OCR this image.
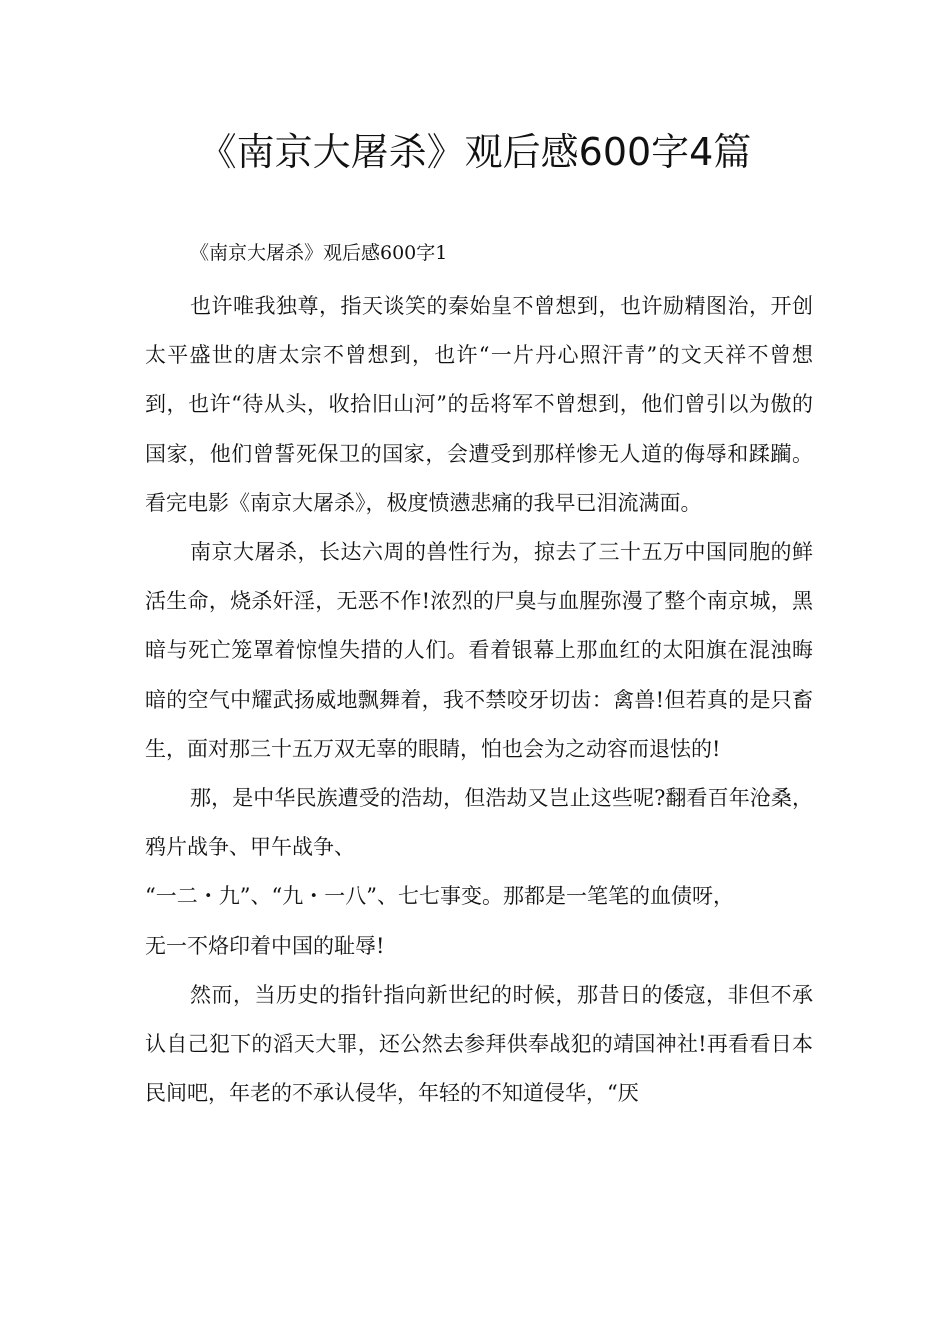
《南京大屠杀》观后感600字4篇

《南京大屠杀》观后感600字1

也许唯我独尊，指天谈笑的秦始皇不曾想到，也许励精图治，开创太平盛世的唐太宗不曾想到，也许“一片丹心照汗青”的文天祥不曾想到，也许“待从头，收拾旧山河”的岳将军不曾想到，他们曾引以为傲的国家，他们曾誓死保卫的国家，会遭受到那样惨无人道的侮辱和蹂躏。看完电影《南京大屠杀》，极度愤懑悲痛的我早已泪流满面。

南京大屠杀，长达六周的兽性行为，掠去了三十五万中国同胞的鲜活生命，烧杀奸淫，无恶不作!浓烈的尸臭与血腥弥漫了整个南京城，黑暗与死亡笼罩着惊惶失措的人们。看着银幕上那血红的太阳旗在混浊晦暗的空气中耀武扬威地飘舞着，我不禁咬牙切齿：禽兽!但若真的是只畜生，面对那三十五万双无辜的眼睛，怕也会为之动容而退怯的!

那，是中华民族遭受的浩劫，但浩劫又岂止这些呢?翻看百年沧桑，鸦片战争、甲午战争、

“一二・九”、“九・一八”、七七事变。那都是一笔笔的血债呀，

无一不烙印着中国的耻辱!

然而，当历史的指针指向新世纪的时候，那昔日的倭寇，非但不承认自己犯下的滔天大罪，还公然去参拜供奉战犯的靖国神社!再看看日本民间吧，年老的不承认侵华，年轻的不知道侵华，“厌
